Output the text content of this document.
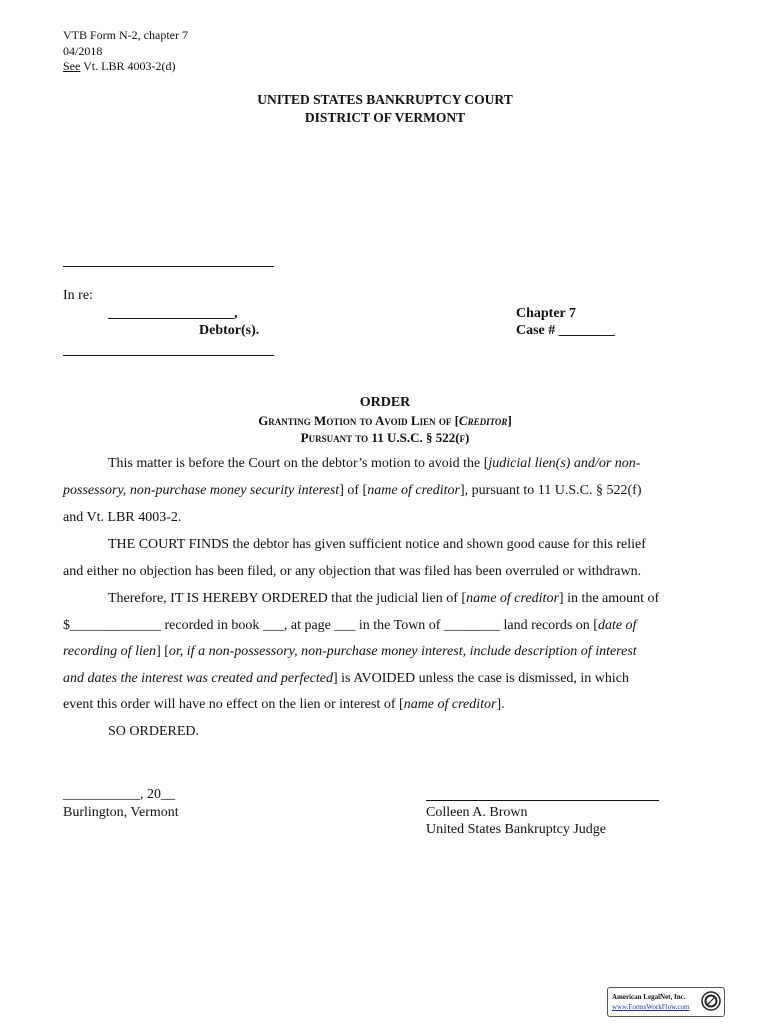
VTB Form N-2, chapter 7
04/2018
See Vt. LBR 4003-2(d)
UNITED STATES BANKRUPTCY COURT
DISTRICT OF VERMONT
In re:
__________________,
Debtor(s).
Chapter 7
Case # ________
ORDER
Granting Motion to Avoid Lien of [Creditor]
Pursuant to 11 U.S.C. § 522(f)
This matter is before the Court on the debtor’s motion to avoid the [judicial lien(s) and/or non-
possessory, non-purchase money security interest] of [name of creditor], pursuant to 11 U.S.C. § 522(f)
and Vt. LBR 4003-2.
THE COURT FINDS the debtor has given sufficient notice and shown good cause for this relief
and either no objection has been filed, or any objection that was filed has been overruled or withdrawn.
Therefore, IT IS HEREBY ORDERED that the judicial lien of [name of creditor] in the amount of
$_____________ recorded in book ___, at page ___ in the Town of ________ land records on [date of
recording of lien] [or, if a non-possessory, non-purchase money interest, include description of interest
and dates the interest was created and perfected] is AVOIDED unless the case is dismissed, in which
event this order will have no effect on the lien or interest of [name of creditor].
SO ORDERED.
___________, 20__
Burlington, Vermont	Colleen A. Brown
United States Bankruptcy Judge
American LegalNet, Inc.
www.FormsWorkFlow.com
